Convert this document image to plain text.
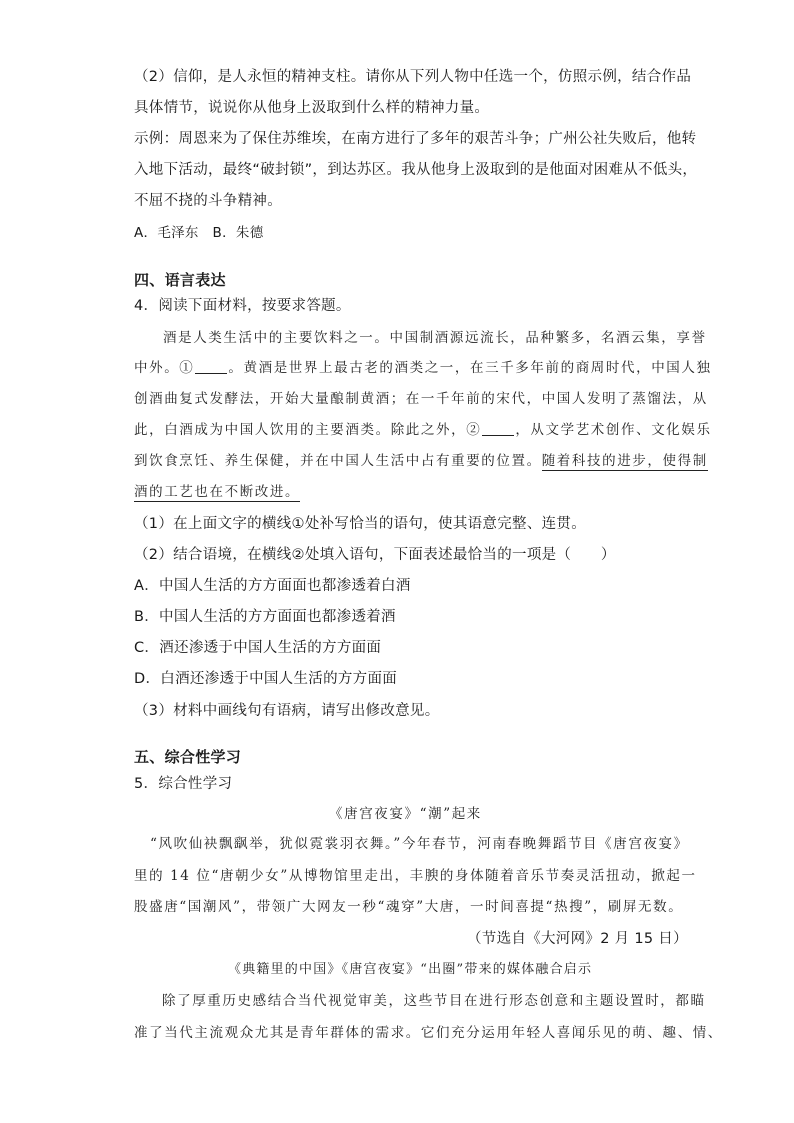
（2）信仰，是人永恒的精神支柱。请你从下列人物中任选一个，仿照示例，结合作品
具体情节，说说你从他身上汲取到什么样的精神力量。
示例：周恩来为了保住苏维埃，在南方进行了多年的艰苦斗争；广州公社失败后，他转
入地下活动，最终“破封锁”，到达苏区。我从他身上汲取到的是他面对困难从不低头，
不屈不挠的斗争精神。
A．毛泽东　B．朱德
四、语言表达
4．阅读下面材料，按要求答题。
酒是人类生活中的主要饮料之一。中国制酒源远流长，品种繁多，名酒云集，享誉
中外。①	。黄酒是世界上最古老的酒类之一，在三千多年前的商周时代，中国人独
创酒曲复式发酵法，开始大量酿制黄酒；在一千年前的宋代，中国人发明了蒸馏法，从
此，白酒成为中国人饮用的主要酒类。除此之外，②	，从文学艺术创作、文化娱乐
到饮食烹饪、养生保健，并在中国人生活中占有重要的位置。随着科技的进步，使得制
酒的工艺也在不断改进。
（1）在上面文字的横线①处补写恰当的语句，使其语意完整、连贯。
（2）结合语境，在横线②处填入语句，下面表述最恰当的一项是（　　）
A．中国人生活的方方面面也都渗透着白酒
B．中国人生活的方方面面也都渗透着酒
C．酒还渗透于中国人生活的方方面面
D．白酒还渗透于中国人生活的方方面面
（3）材料中画线句有语病，请写出修改意见。
五、综合性学习
5．综合性学习
《唐宫夜宴》“潮”起来
“风吹仙袂飘飖举，犹似霓裳羽衣舞。”今年春节，河南春晚舞蹈节目《唐宫夜宴》
里的 14 位“唐朝少女”从博物馆里走出，丰腴的身体随着音乐节奏灵活扭动，掀起一
股盛唐“国潮风”，带领广大网友一秒“魂穿”大唐，一时间喜提“热搜”，刷屏无数。
（节选自《大河网》2 月 15 日）
《典籍里的中国》《唐宫夜宴》“出圈”带来的媒体融合启示
除了厚重历史感结合当代视觉审美，这些节目在进行形态创意和主题设置时，都瞄
准了当代主流观众尤其是青年群体的需求。它们充分运用年轻人喜闻乐见的萌、趣、情、
